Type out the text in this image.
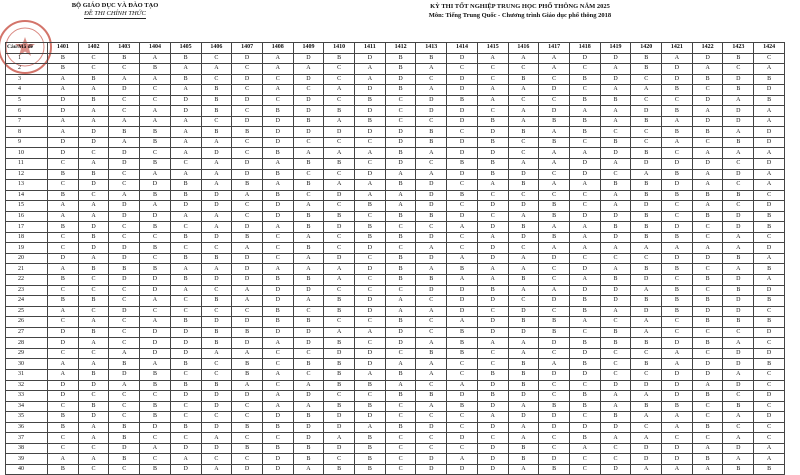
BỘ GIÁO DỤC VÀ ĐÀO TẠO
ĐỀ THI CHÍNH THỨC
KỲ THI TỐT NGHIỆP TRUNG HỌC PHỔ THÔNG NĂM 2025
Môn: Tiếng Trung Quốc - Chương trình Giáo dục phổ thông 2018
Câu\Mã đề	1401	1402	1403	1404	1405	1406	1407	1408	1409	1410	1411	1412	1413	1414	1415	1416	1417	1418	1419	1420	1421	1422	1423	1424
1	B	C	B	A	B	C	D	A	D	B	D	B	B	D	A	A	A	D	D	B	A	D	B	C
2	B	C	C	B	A	A	C	A	A	C	A	B	A	C	C	C	A	C	A	B	D	A	C	A
3	A	B	A	A	B	C	D	C	D	C	A	D	C	D	C	B	C	B	D	C	D	B	D	B
4	A	A	D	C	A	B	C	A	C	A	D	B	A	D	A	A	D	C	A	A	B	C	B	D
5	D	B	C	C	D	B	D	C	D	C	B	C	D	B	A	C	C	B	B	C	C	D	A	B
6	D	A	C	A	D	B	C	B	D	B	D	C	D	D	C	A	D	A	A	D	B	A	D	A
7	A	A	A	A	A	C	D	D	B	A	B	C	C	D	B	A	B	B	A	B	A	D	D	A
8	A	D	B	B	A	B	B	D	D	D	D	D	B	C	D	B	A	B	C	C	B	B	A	D
9	D	D	A	B	A	A	C	D	C	C	C	D	B	D	B	C	B	C	B	C	A	C	B	D
10	D	C	D	C	A	D	C	B	A	A	A	B	A	D	D	C	A	A	D	B	C	A	A	A
11	C	A	D	B	C	A	D	A	B	B	C	D	C	B	B	A	A	D	A	D	D	D	C	D
12	B	B	C	A	A	A	D	B	C	C	D	A	A	D	B	D	C	D	C	A	B	A	D	A
13	C	D	C	D	B	A	B	A	B	A	A	B	D	C	A	B	A	A	B	B	D	A	C	A
14	B	C	A	B	B	D	A	B	C	D	A	A	D	B	C	C	C	C	A	B	B	B	B	C
15	A	A	D	A	D	D	C	D	A	C	B	A	D	C	D	D	B	C	A	D	C	A	C	D
16	A	A	D	D	A	A	C	D	B	B	C	B	B	D	C	A	B	D	D	B	C	B	D	B
17	B	D	C	B	C	A	D	A	B	D	B	C	C	A	D	B	A	A	B	B	D	C	D	B
18	C	B	C	C	B	D	B	C	A	C	B	B	D	C	A	D	B	A	D	B	B	C	A	C
19	C	D	D	B	C	C	A	C	B	C	D	C	A	C	D	C	A	A	A	A	A	A	A	D
20	D	A	D	C	B	B	D	C	A	D	C	B	D	A	D	A	D	C	C	C	D	D	B	A
21	A	B	B	B	A	A	D	A	A	A	D	B	A	B	A	A	C	D	A	B	B	C	A	B
22	B	C	D	D	B	D	D	B	B	A	C	B	B	A	A	B	C	A	B	D	C	B	D	A
23	C	C	C	D	A	C	A	D	D	C	C	C	D	D	B	A	A	D	D	A	B	C	B	D
24	B	B	C	A	C	B	A	D	A	B	D	A	C	D	D	C	D	B	D	B	B	B	D	B
25	A	C	D	C	C	C	C	B	C	B	D	A	A	D	C	D	C	B	A	D	B	D	D	C
26	C	A	C	A	B	D	D	B	B	C	C	B	C	A	D	B	B	A	C	A	C	B	B	B
27	D	B	C	D	D	B	B	D	D	A	A	D	C	B	D	D	B	C	B	A	C	C	C	D
28	D	A	C	D	D	B	D	A	D	B	C	D	A	B	A	A	D	B	B	B	D	B	A	C
29	C	C	A	D	D	A	A	C	C	D	D	C	B	B	C	A	C	D	C	C	A	C	D	D
30	A	A	B	A	B	C	B	C	B	B	D	A	A	C	C	B	A	B	C	B	A	D	D	B
31	A	B	D	B	C	C	B	A	C	B	A	B	A	C	B	B	D	D	C	C	D	D	A	C
32	D	D	A	B	B	B	A	C	A	B	B	A	C	A	D	B	C	C	D	D	D	A	D	C
33	D	C	C	C	D	D	D	A	D	C	C	B	B	D	B	D	C	B	A	A	D	B	C	D
34	C	B	C	B	C	D	C	A	A	B	B	C	A	B	D	A	B	B	A	B	B	C	B	C
35	B	D	C	B	C	C	C	D	B	D	D	C	C	C	A	D	D	C	B	A	A	C	A	D
36	B	A	B	D	B	D	B	B	D	D	A	B	D	C	D	A	D	D	D	C	A	B	C	C
37	C	A	B	C	C	A	C	C	D	A	B	C	C	D	C	A	C	B	A	A	C	C	A	C
38	C	C	D	A	D	D	B	B	B	D	B	C	C	C	D	B	C	A	C	D	D	A	D	A
39	A	A	B	C	A	C	C	D	B	C	B	C	D	A	D	B	D	C	C	D	D	B	A	A
40	B	C	C	B	D	A	D	D	A	B	B	C	D	D	D	A	B	C	D	A	A	A	B	B
